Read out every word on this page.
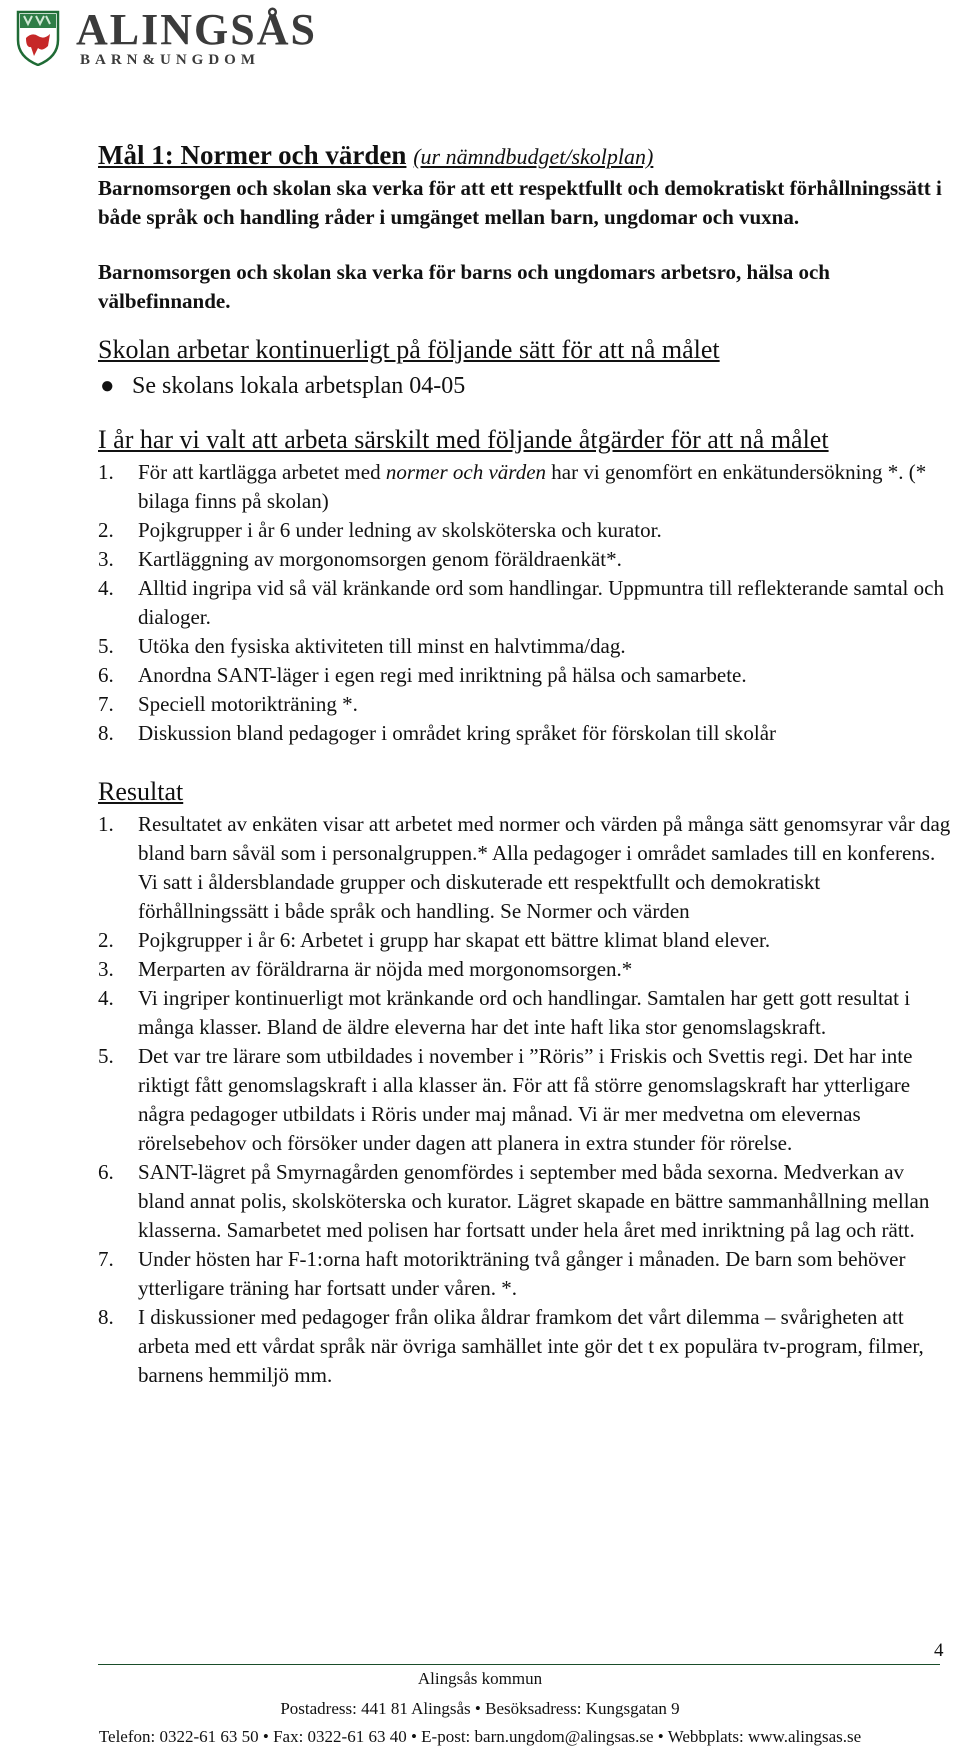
ALINGSÅS
BARN&UNGDOM

Mål 1: Normer och värden (ur nämndbudget/skolplan)

Barnomsorgen och skolan ska verka för att ett respektfullt och demokratiskt förhållningssätt i både språk och handling råder i umgänget mellan barn, ungdomar och vuxna.

Barnomsorgen och skolan ska verka för barns och ungdomars arbetsro, hälsa och välbefinnande.

Skolan arbetar kontinuerligt på följande sätt för att nå målet

● Se skolans lokala arbetsplan 04-05

I år har vi valt att arbeta särskilt med följande åtgärder för att nå målet

1. För att kartlägga arbetet med normer och värden har vi genomfört en enkätundersökning *. (* bilaga finns på skolan)
2. Pojkgrupper i år 6 under ledning av skolsköterska och kurator.
3. Kartläggning av morgonomsorgen genom föräldraenkät*.
4. Alltid ingripa vid så väl kränkande ord som handlingar. Uppmuntra till reflekterande samtal och dialoger.
5. Utöka den fysiska aktiviteten till minst en halvtimma/dag.
6. Anordna SANT-läger i egen regi med inriktning på hälsa och samarbete.
7. Speciell motorikträning *.
8. Diskussion bland pedagoger i området kring språket för förskolan till skolår

Resultat

1. Resultatet av enkäten visar att arbetet med normer och värden på många sätt genomsyrar vår dag bland barn såväl som i personalgruppen.* Alla pedagoger i området samlades till en konferens. Vi satt i åldersblandade grupper och diskuterade ett respektfullt och demokratiskt förhållningssätt i både språk och handling. Se Normer och värden
2. Pojkgrupper i år 6: Arbetet i grupp har skapat ett bättre klimat bland elever.
3. Merparten av föräldrarna är nöjda med morgonomsorgen.*
4. Vi ingriper kontinuerligt mot kränkande ord och handlingar. Samtalen har gett gott resultat i många klasser. Bland de äldre eleverna har det inte haft lika stor genomslagskraft.
5. Det var tre lärare som utbildades i november i ”Röris” i Friskis och Svettis regi. Det har inte riktigt fått genomslagskraft i alla klasser än. För att få större genomslagskraft har ytterligare några pedagoger utbildats i Röris under maj månad. Vi är mer medvetna om elevernas rörelsebehov och försöker under dagen att planera in extra stunder för rörelse.
6. SANT-lägret på Smyrnagården genomfördes i september med båda sexorna. Medverkan av bland annat polis, skolsköterska och kurator. Lägret skapade en bättre sammanhållning mellan klasserna. Samarbetet med polisen har fortsatt under hela året med inriktning på lag och rätt.
7. Under hösten har F-1:orna haft motorikträning två gånger i månaden. De barn som behöver ytterligare träning har fortsatt under våren. *.
8. I diskussioner med pedagoger från olika åldrar framkom det vårt dilemma – svårigheten att arbeta med ett vårdat språk när övriga samhället inte gör det t ex populära tv-program, filmer, barnens hemmiljö mm.
4
Alingsås kommun
Postadress: 441 81 Alingsås • Besöksadress: Kungsgatan 9
Telefon: 0322-61 63 50 • Fax: 0322-61 63 40 • E-post: barn.ungdom@alingsas.se • Webbplats: www.alingsas.se
